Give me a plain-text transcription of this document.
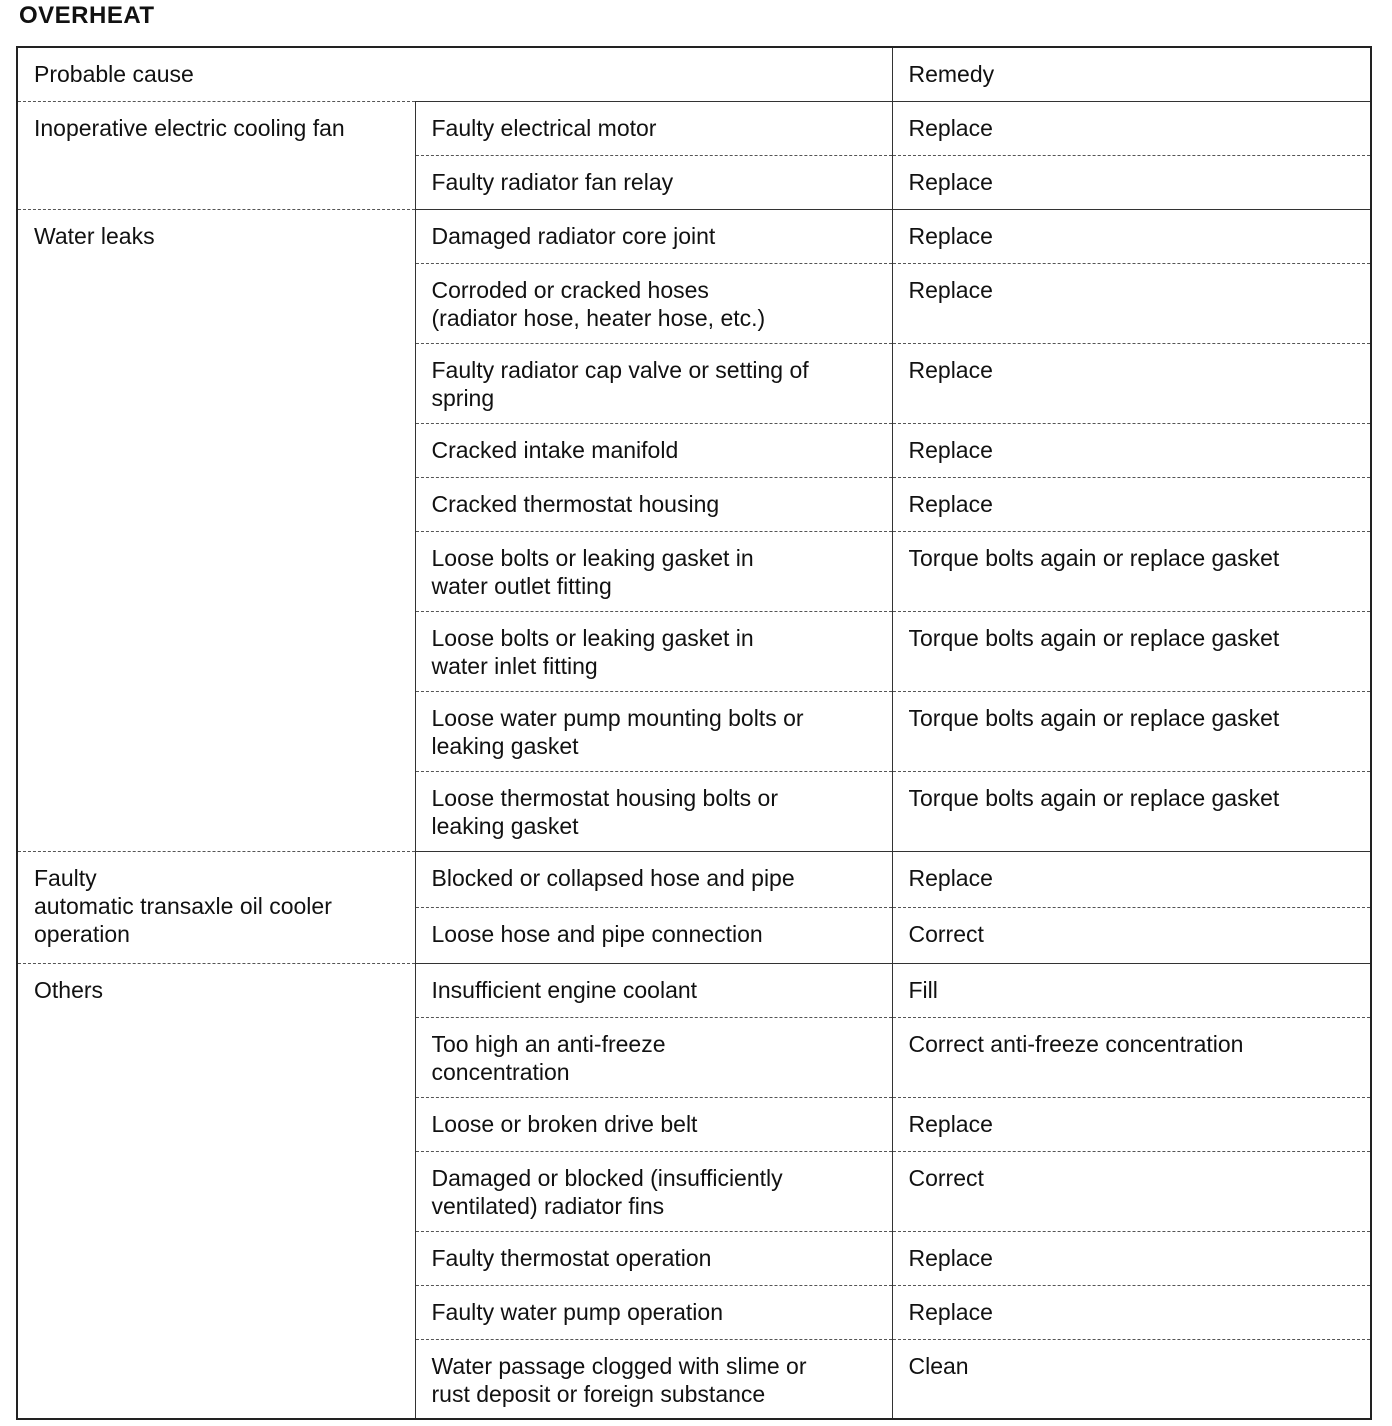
OVERHEAT
Probable cause		Remedy

Inoperative electric cooling fan	Faulty electrical motor	Replace

	Faulty radiator fan relay	Replace

Water leaks	Damaged radiator core joint	Replace

	Corroded or cracked hoses
(radiator hose, heater hose, etc.)	Replace

	Faulty radiator cap valve or setting of
spring	Replace

	Cracked intake manifold	Replace

	Cracked thermostat housing	Replace

	Loose bolts or leaking gasket in
water outlet fitting	Torque bolts again or replace gasket

	Loose bolts or leaking gasket in
water inlet fitting	Torque bolts again or replace gasket

	Loose water pump mounting bolts or
leaking gasket	Torque bolts again or replace gasket

	Loose thermostat housing bolts or
leaking gasket	Torque bolts again or replace gasket

Faulty
automatic transaxle oil cooler
operation	Blocked or collapsed hose and pipe	Replace

	Loose hose and pipe connection	Correct

Others	Insufficient engine coolant	Fill

	Too high an anti-freeze
concentration	Correct anti-freeze concentration

	Loose or broken drive belt	Replace

	Damaged or blocked (insufficiently
ventilated) radiator fins	Correct

	Faulty thermostat operation	Replace

	Faulty water pump operation	Replace

	Water passage clogged with slime or
rust deposit or foreign substance	Clean
